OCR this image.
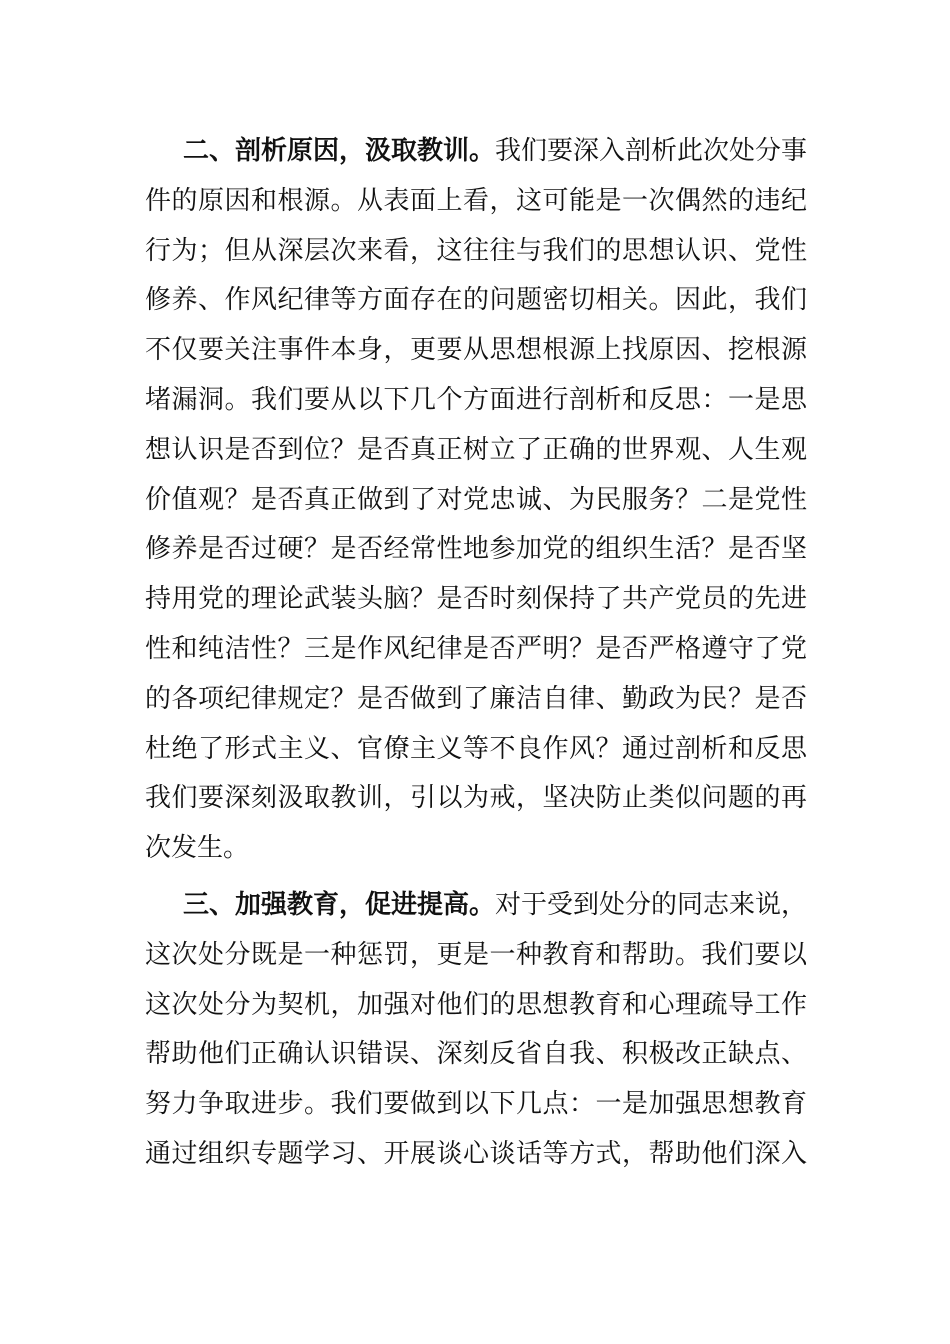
二、剖析原因，汲取教训。我们要深入剖析此次处分事
件的原因和根源。从表面上看，这可能是一次偶然的违纪
行为；但从深层次来看，这往往与我们的思想认识、党性
修养、作风纪律等方面存在的问题密切相关。因此，我们
不仅要关注事件本身，更要从思想根源上找原因、挖根源
堵漏洞。我们要从以下几个方面进行剖析和反思：一是思
想认识是否到位？是否真正树立了正确的世界观、人生观
价值观？是否真正做到了对党忠诚、为民服务？二是党性
修养是否过硬？是否经常性地参加党的组织生活？是否坚
持用党的理论武装头脑？是否时刻保持了共产党员的先进
性和纯洁性？三是作风纪律是否严明？是否严格遵守了党
的各项纪律规定？是否做到了廉洁自律、勤政为民？是否
杜绝了形式主义、官僚主义等不良作风？通过剖析和反思
我们要深刻汲取教训，引以为戒，坚决防止类似问题的再
次发生。
三、加强教育，促进提高。对于受到处分的同志来说，
这次处分既是一种惩罚，更是一种教育和帮助。我们要以
这次处分为契机，加强对他们的思想教育和心理疏导工作
帮助他们正确认识错误、深刻反省自我、积极改正缺点、
努力争取进步。我们要做到以下几点：一是加强思想教育
通过组织专题学习、开展谈心谈话等方式，帮助他们深入
